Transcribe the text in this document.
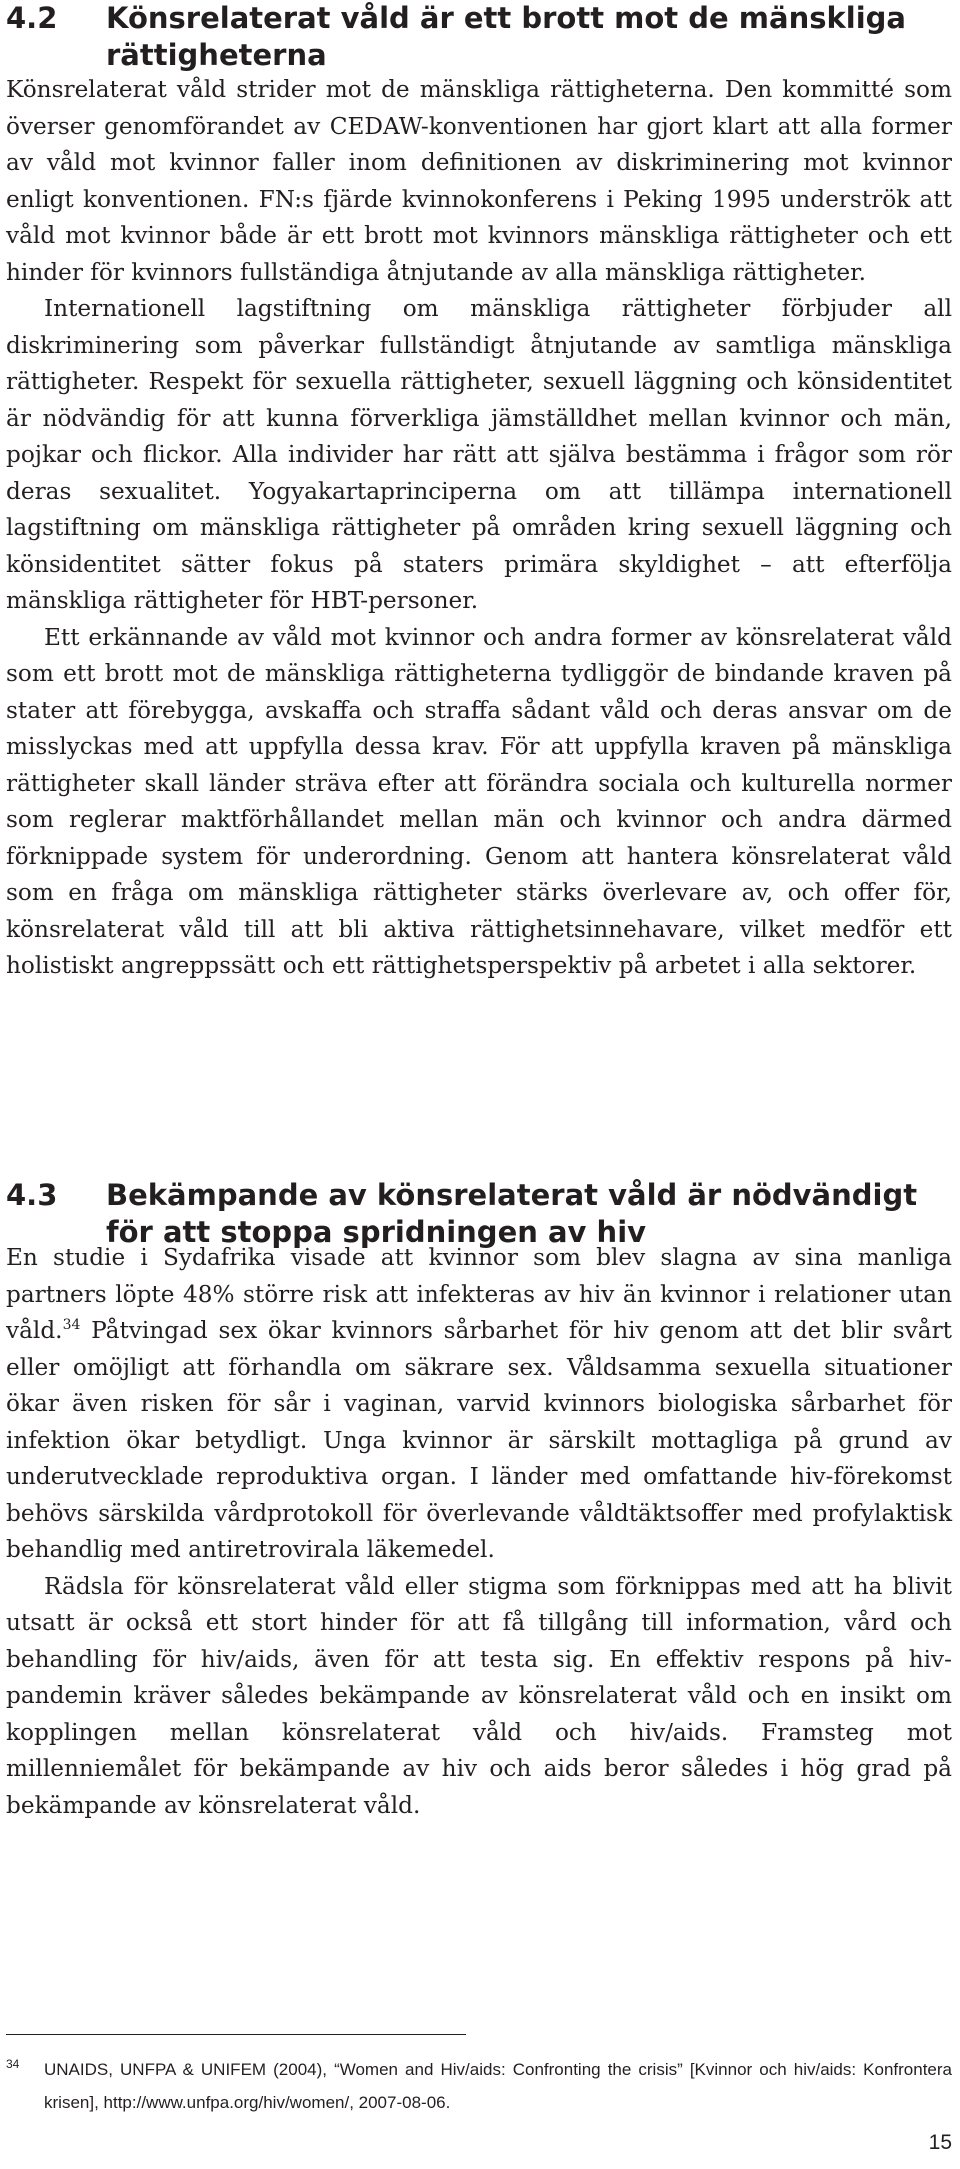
4.2	Könsrelaterat våld är ett brott mot de mänskliga rättigheterna

Könsrelaterat våld strider mot de mänskliga rättigheterna. Den kommitté som överser genomförandet av CEDAW-konventionen har gjort klart att alla former av våld mot kvinnor faller inom definitionen av diskriminering mot kvinnor enligt konventionen. FN:s fjärde kvinnokonferens i Peking 1995 underströk att våld mot kvinnor både är ett brott mot kvinnors mänskliga rättigheter och ett hinder för kvinnors fullständiga åtnjutande av alla mänskliga rättigheter.

Internationell lagstiftning om mänskliga rättigheter förbjuder all diskriminering som påverkar fullständigt åtnjutande av samtliga mänskliga rättigheter. Respekt för sexuella rättigheter, sexuell läggning och könsidentitet är nödvändig för att kunna förverkliga jämställdhet mellan kvinnor och män, pojkar och flickor. Alla individer har rätt att själva bestämma i frågor som rör deras sexualitet. Yogyakartaprinciperna om att tillämpa internationell lagstiftning om mänskliga rättigheter på områden kring sexuell läggning och könsidentitet sätter fokus på staters primära skyldighet – att efterfölja mänskliga rättigheter för HBT-personer.

Ett erkännande av våld mot kvinnor och andra former av könsrelaterat våld som ett brott mot de mänskliga rättigheterna tydliggör de bindande kraven på stater att förebygga, avskaffa och straffa sådant våld och deras ansvar om de misslyckas med att uppfylla dessa krav. För att uppfylla kraven på mänskliga rättigheter skall länder sträva efter att förändra sociala och kulturella normer som reglerar maktförhållandet mellan män och kvinnor och andra därmed förknippade system för underordning. Genom att hantera könsrelaterat våld som en fråga om mänskliga rättigheter stärks överlevare av, och offer för, könsrelaterat våld till att bli aktiva rättighetsinnehavare, vilket medför ett holistiskt angreppssätt och ett rättighetsperspektiv på arbetet i alla sektorer.

4.3	Bekämpande av könsrelaterat våld är nödvändigt för att stoppa spridningen av hiv

En studie i Sydafrika visade att kvinnor som blev slagna av sina manliga partners löpte 48% större risk att infekteras av hiv än kvinnor i relationer utan våld.$^{34}$ Påtvingad sex ökar kvinnors sårbarhet för hiv genom att det blir svårt eller omöjligt att förhandla om säkrare sex. Våldsamma sexuella situationer ökar även risken för sår i vaginan, varvid kvinnors biologiska sårbarhet för infektion ökar betydligt. Unga kvinnor är särskilt mottagliga på grund av underutvecklade reproduktiva organ. I länder med omfattande hiv-förekomst behövs särskilda vårdprotokoll för överlevande våldtäktsoffer med profylaktisk behandlig med antiretrovirala läkemedel.

Rädsla för könsrelaterat våld eller stigma som förknippas med att ha blivit utsatt är också ett stort hinder för att få tillgång till information, vård och behandling för hiv/aids, även för att testa sig. En effektiv respons på hiv-pandemin kräver således bekämpande av könsrelaterat våld och en insikt om kopplingen mellan könsrelaterat våld och hiv/aids. Framsteg mot millenniemålet för bekämpande av hiv och aids beror således i hög grad på bekämpande av könsrelaterat våld.

34	UNAIDS, UNFPA & UNIFEM (2004), “Women and Hiv/aids: Confronting the crisis” [Kvinnor och hiv/aids: Konfrontera krisen], http://www.unfpa.org/hiv/women/, 2007-08-06.
15
